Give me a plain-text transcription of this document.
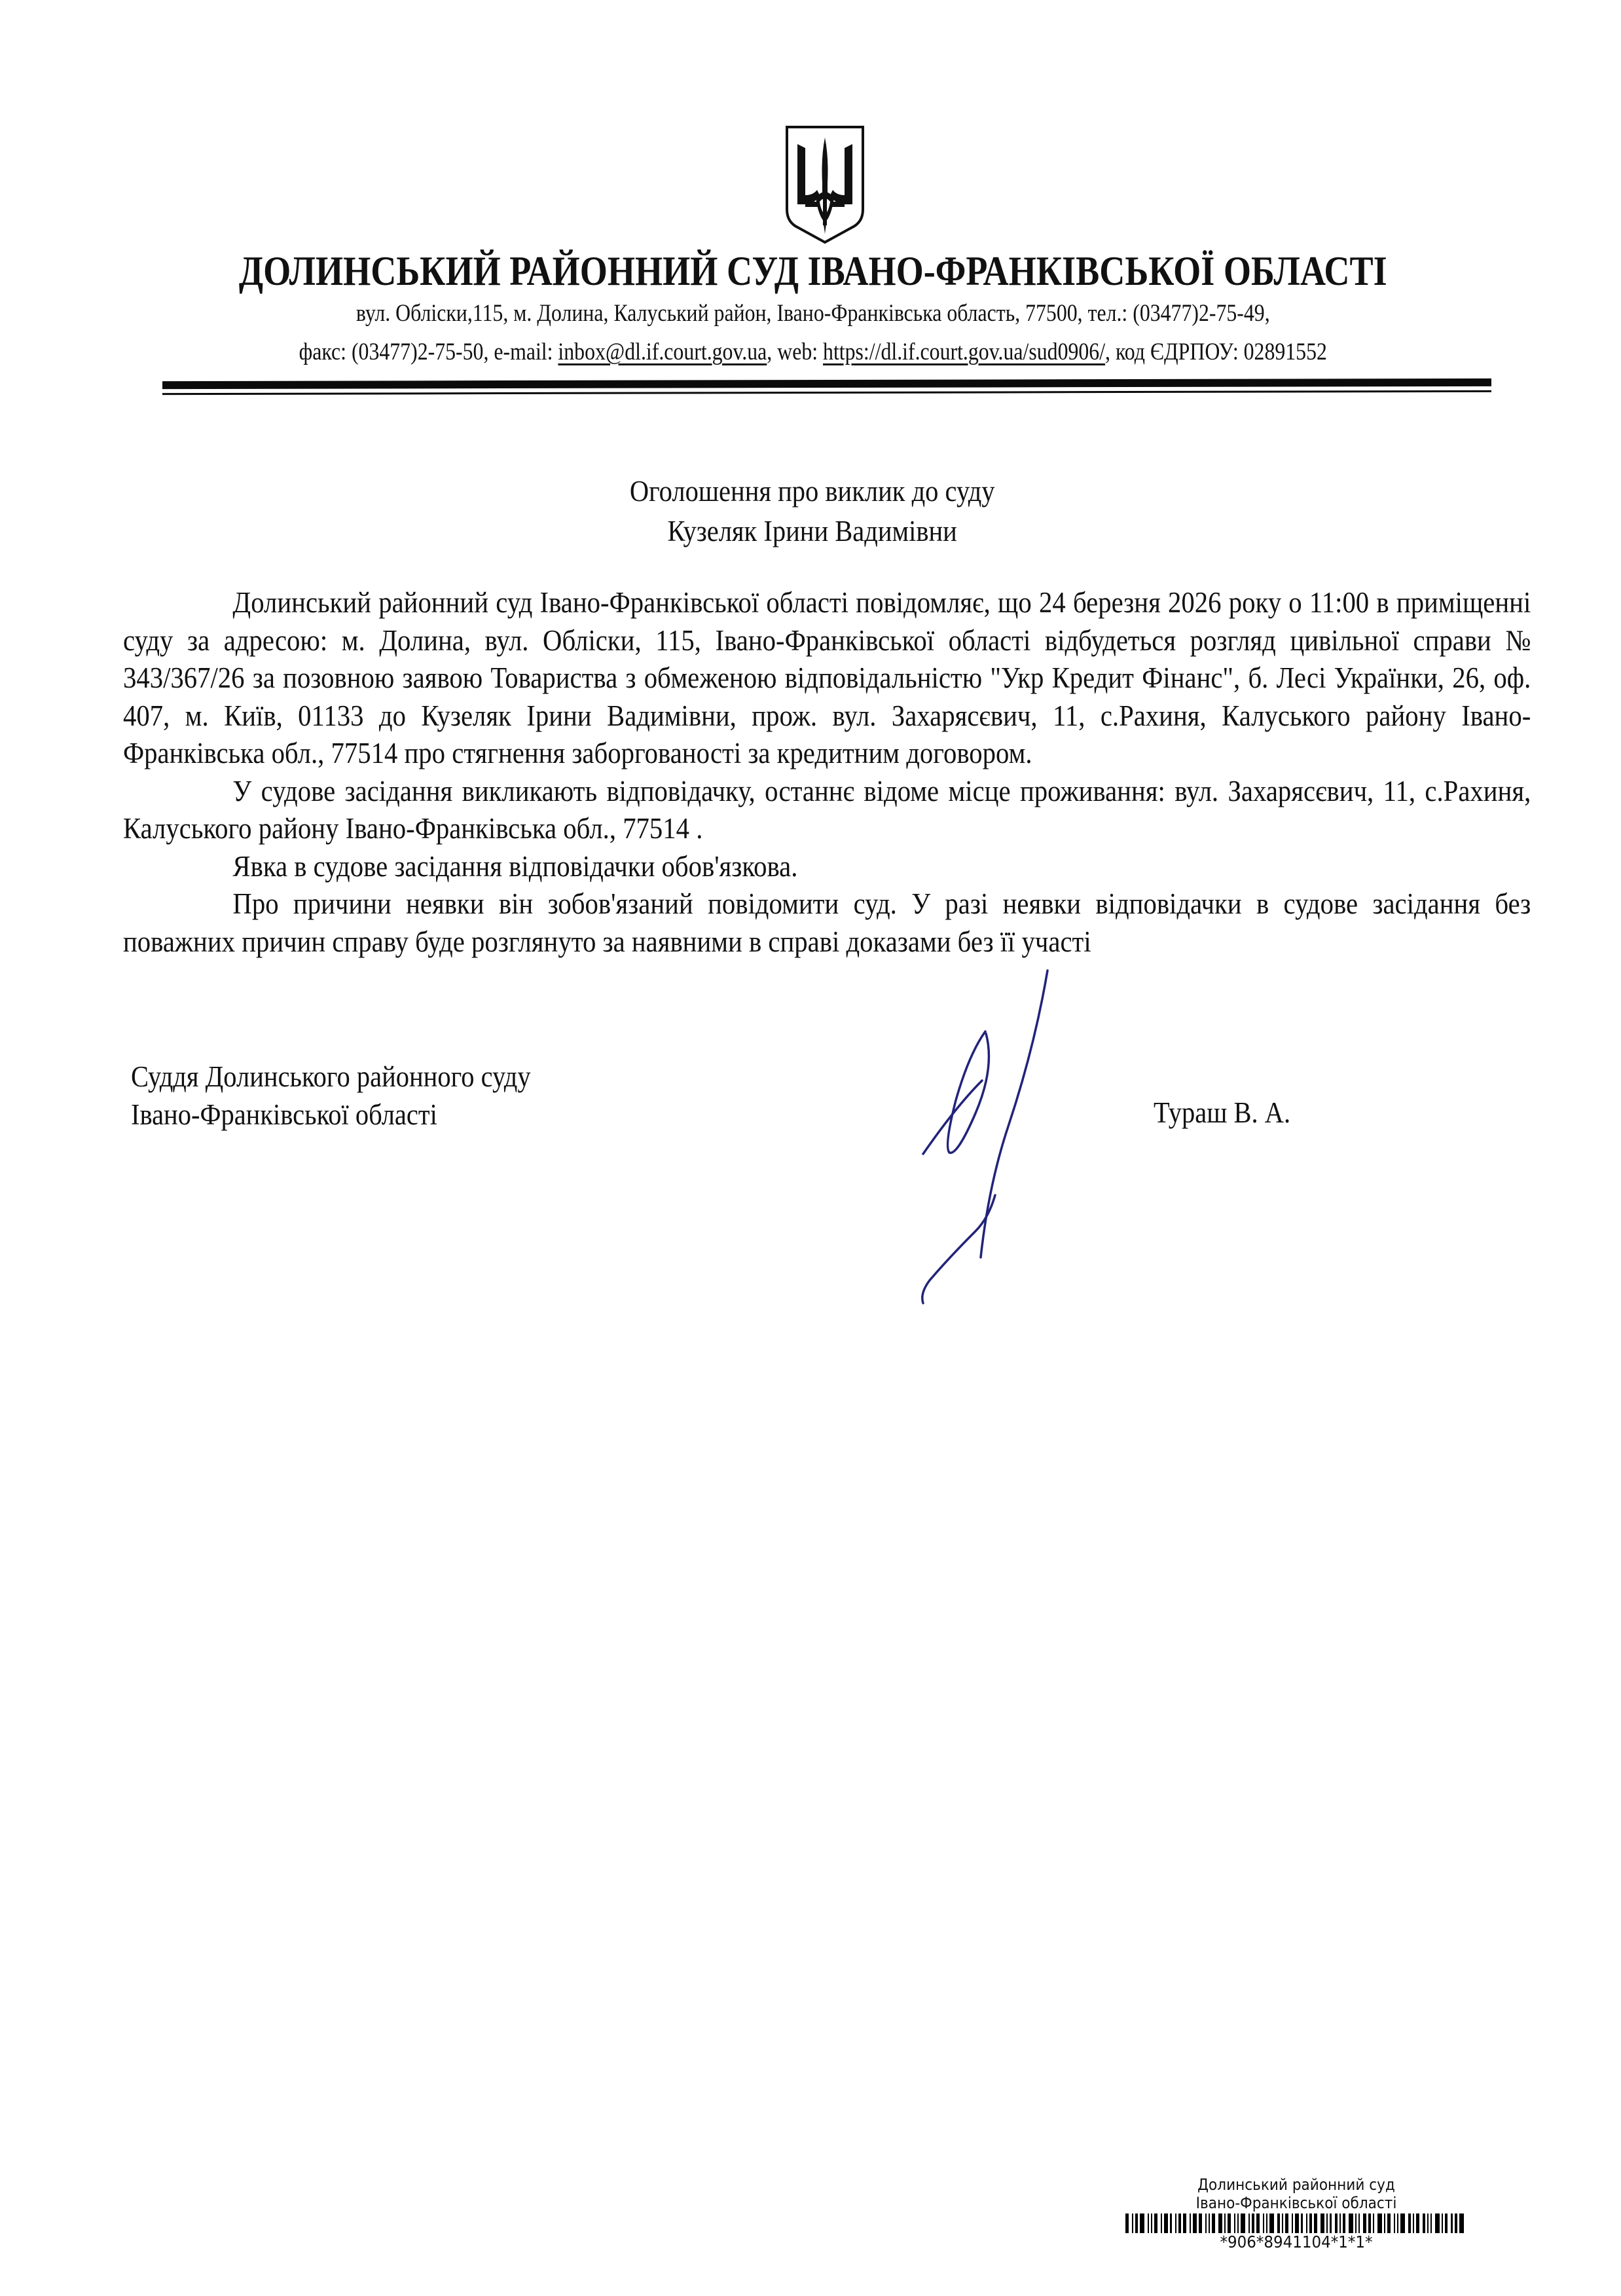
ДОЛИНСЬКИЙ РАЙОННИЙ СУД ІВАНО-ФРАНКІВСЬКОЇ ОБЛАСТІ
вул. Обліски,115, м. Долина, Калуський район, Івано-Франківська область, 77500, тел.: (03477)2-75-49,
факс: (03477)2-75-50, e-mail: inbox@dl.if.court.gov.ua, web: https://dl.if.court.gov.ua/sud0906/, код ЄДРПОУ: 02891552
Оголошення про виклик до суду
Кузеляк Ірини Вадимівни

Долинський районний суд Івано-Франківської області повідомляє, що 24 березня 2026 року о 11:00 в приміщенні суду за адресою: м. Долина, вул. Обліски, 115, Івано-Франківської області відбудеться розгляд цивільної справи № 343/367/26 за позовною заявою Товариства з обмеженою відповідальністю "Укр Кредит Фінанс", б. Лесі Українки, 26, оф. 407, м. Київ, 01133 до Кузеляк Ірини Вадимівни, прож. вул. Захарясєвич, 11, с.Рахиня, Калуського району Івано-Франківська обл., 77514 про стягнення заборгованості за кредитним договором.

У судове засідання викликають відповідачку, останнє відоме місце проживання: вул. Захарясєвич, 11, с.Рахиня, Калуського району Івано-Франківська обл., 77514 .

Явка в судове засідання відповідачки обов'язкова.

Про причини неявки він зобов'язаний повідомити суд. У разі неявки відповідачки в судове засідання без поважних причин справу буде розглянуто за наявними в справі доказами без її участі

Суддя Долинського районного суду
Івано-Франківської області	Тураш В. А.
Долинський районний суд
Івано-Франківської області
*906*8941104*1*1*
